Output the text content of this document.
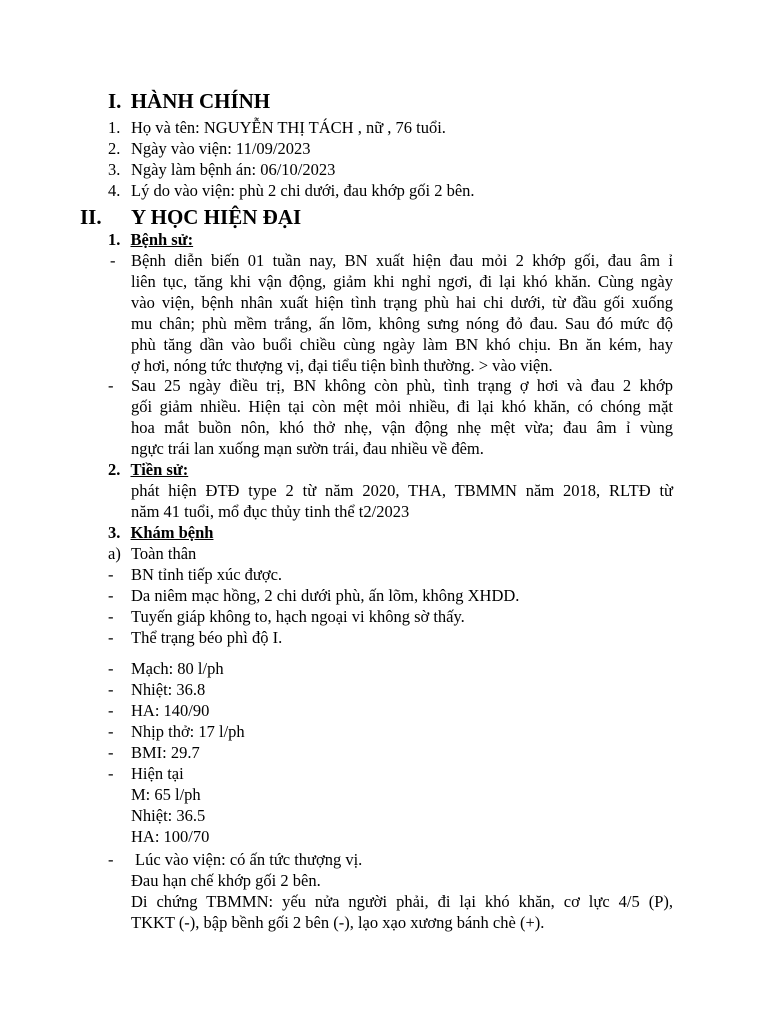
I. HÀNH CHÍNH
1. Họ và tên: NGUYỄN THỊ TÁCH , nữ , 76 tuổi.
2. Ngày vào viện: 11/09/2023
3. Ngày làm bệnh án: 06/10/2023
4. Lý do vào viện: phù 2 chi dưới, đau khớp gối 2 bên.
II. Y HỌC HIỆN ĐẠI
1. Bệnh sử:
- Bệnh diễn biến 01 tuần nay, BN xuất hiện đau mỏi 2 khớp gối, đau âm ỉ
liên tục, tăng khi vận động, giảm khi nghỉ ngơi, đi lại khó khăn. Cùng ngày
vào viện, bệnh nhân xuất hiện tình trạng phù hai chi dưới, từ đầu gối xuống
mu chân; phù mềm trắng, ấn lõm, không sưng nóng đỏ đau. Sau đó mức độ
phù tăng dần vào buổi chiều cùng ngày làm BN khó chịu. Bn ăn kém, hay
ợ hơi, nóng tức thượng vị, đại tiểu tiện bình thường. > vào viện.
- Sau 25 ngày điều trị, BN không còn phù, tình trạng ợ hơi và đau 2 khớp
gối giảm nhiều. Hiện tại còn mệt mỏi nhiều, đi lại khó khăn, có chóng mặt
hoa mắt buồn nôn, khó thở nhẹ, vận động nhẹ mệt vừa; đau âm ỉ vùng
ngực trái lan xuống mạn sườn trái, đau nhiều về đêm.
2. Tiền sử:
phát hiện ĐTĐ type 2 từ năm 2020, THA, TBMMN năm 2018, RLTĐ từ
năm 41 tuổi, mổ đục thủy tinh thể t2/2023
3. Khám bệnh
a) Toàn thân
- BN tỉnh tiếp xúc được.
- Da niêm mạc hồng, 2 chi dưới phù, ấn lõm, không XHDD.
- Tuyến giáp không to, hạch ngoại vi không sờ thấy.
- Thể trạng béo phì độ I.
- Mạch: 80 l/ph
- Nhiệt: 36.8
- HA: 140/90
- Nhịp thở: 17 l/ph
- BMI: 29.7
- Hiện tại
M: 65 l/ph
Nhiệt: 36.5
HA: 100/70
- Lúc vào viện: có ấn tức thượng vị.
Đau hạn chế khớp gối 2 bên.
Di chứng TBMMN: yếu nửa người phải, đi lại khó khăn, cơ lực 4/5 (P),
TKKT (-), bập bềnh gối 2 bên (-), lạo xạo xương bánh chè (+).
